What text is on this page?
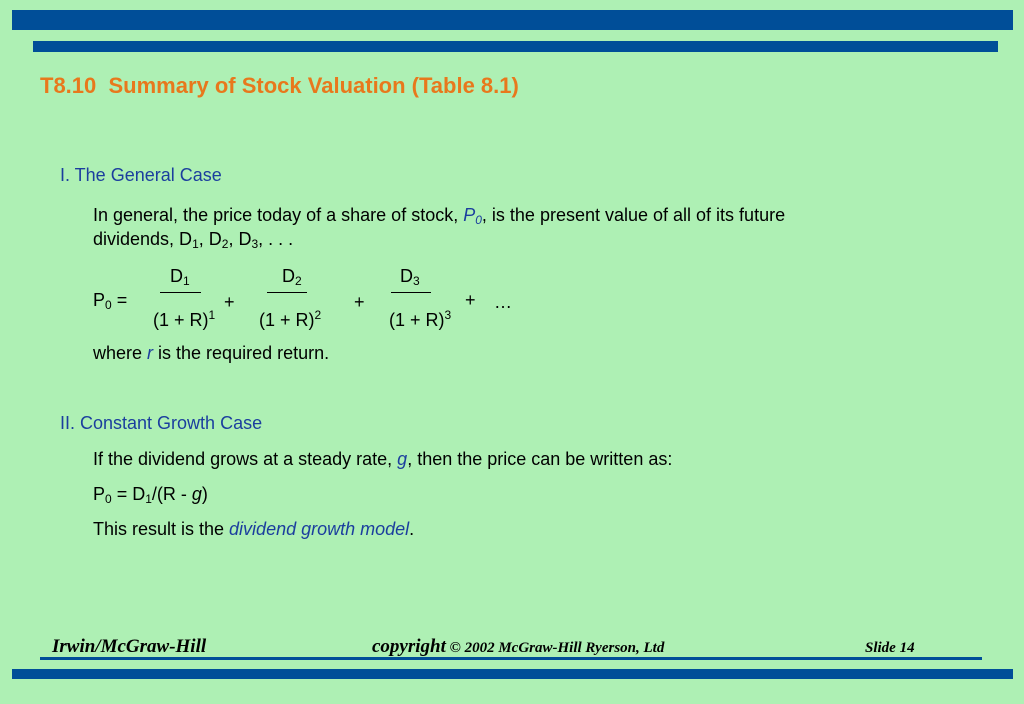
T8.10  Summary of Stock Valuation (Table 8.1)
I. The General Case
In general, the price today of a share of stock, $P_0$, is the present value of all of its future
dividends, $D_1$, $D_2$, $D_3$, . . .
$P_0$ =
$D_1$
$(1 + R)^1$
+
$D_2$
$(1 + R)^2$
+
$D_3$
$(1 + R)^3$
+ …
where r is the required return.
II. Constant Growth Case
If the dividend grows at a steady rate, g, then the price can be written as:
$P_0 = D_1/(R - g)$
This result is the dividend growth model.
Irwin/McGraw-Hill	copyright © 2002 McGraw-Hill Ryerson, Ltd	Slide 14
